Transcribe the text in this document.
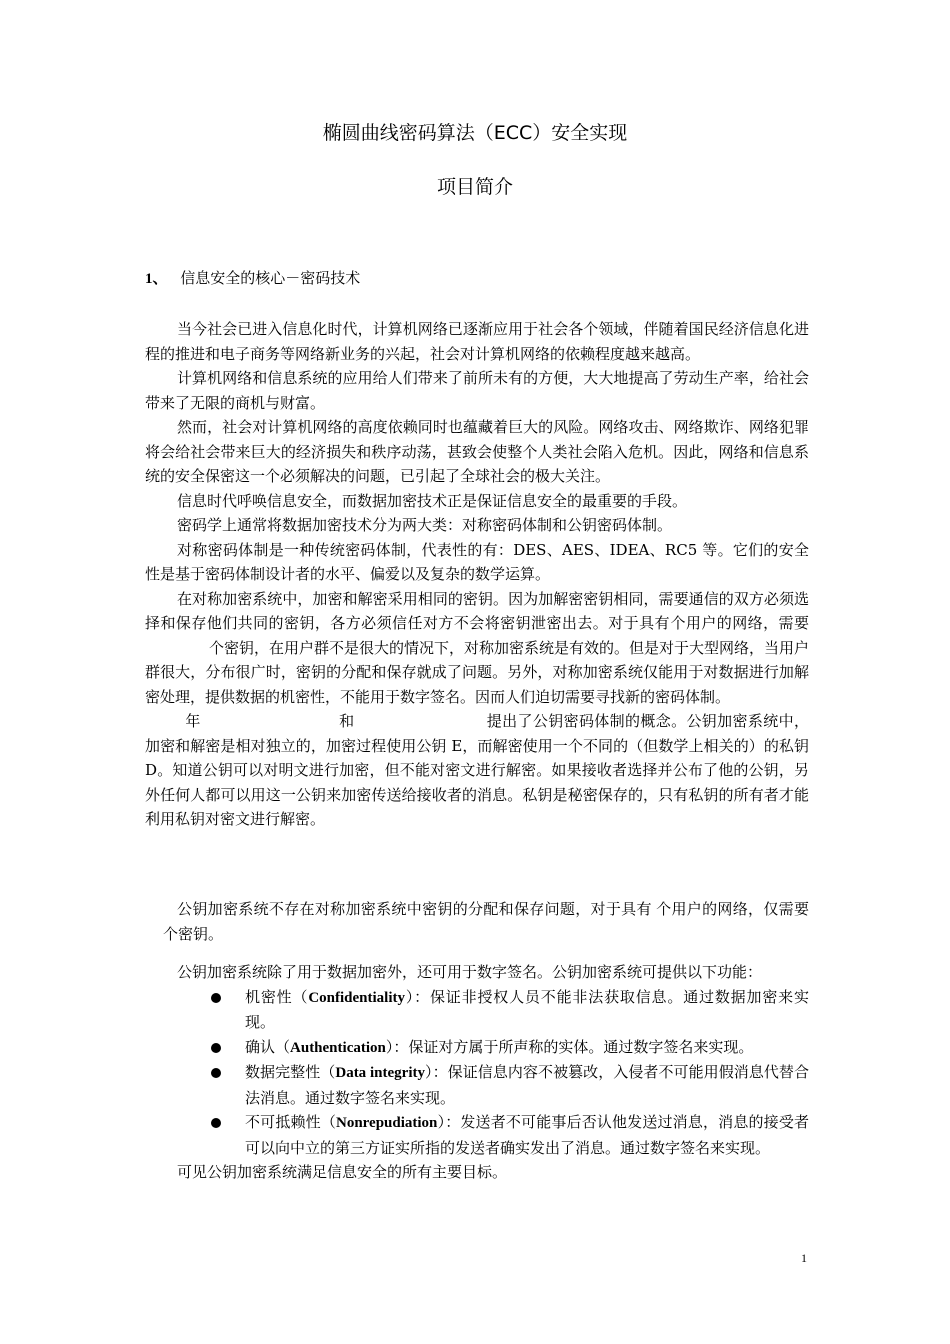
椭圆曲线密码算法（ECC）安全实现
项目简介
1、 信息安全的核心－密码技术

当今社会已进入信息化时代，计算机网络已逐渐应用于社会各个领域，伴随着国民经济信息化进程的推进和电子商务等网络新业务的兴起，社会对计算机网络的依赖程度越来越高。

计算机网络和信息系统的应用给人们带来了前所未有的方便，大大地提高了劳动生产率，给社会带来了无限的商机与财富。

然而，社会对计算机网络的高度依赖同时也蕴藏着巨大的风险。网络攻击、网络欺诈、网络犯罪将会给社会带来巨大的经济损失和秩序动荡，甚致会使整个人类社会陷入危机。因此，网络和信息系统的安全保密这一个必须解决的问题，已引起了全球社会的极大关注。

信息时代呼唤信息安全，而数据加密技术正是保证信息安全的最重要的手段。

密码学上通常将数据加密技术分为两大类：对称密码体制和公钥密码体制。

对称密码体制是一种传统密码体制，代表性的有：DES、AES、IDEA、RC5 等。它们的安全性是基于密码体制设计者的水平、偏爱以及复杂的数学运算。

在对称加密系统中，加密和解密采用相同的密钥。因为加解密密钥相同，需要通信的双方必须选择和保存他们共同的密钥，各方必须信任对方不会将密钥泄密出去。对于具有个用户的网络，需要个密钥，在用户群不是很大的情况下，对称加密系统是有效的。但是对于大型网络，当用户群很大，分布很广时，密钥的分配和保存就成了问题。另外，对称加密系统仅能用于对数据进行加解密处理，提供数据的机密性，不能用于数字签名。因而人们迫切需要寻找新的密码体制。

年	和	提出了公钥密码体制的概念。公钥加密系统中，加密和解密是相对独立的，加密过程使用公钥 E，而解密使用一个不同的（但数学上相关的）的私钥 D。知道公钥可以对明文进行加密，但不能对密文进行解密。如果接收者选择并公布了他的公钥，另外任何人都可以用这一公钥来加密传送给接收者的消息。私钥是秘密保存的，只有私钥的所有者才能利用私钥对密文进行解密。

公钥加密系统不存在对称加密系统中密钥的分配和保存问题，对于具有 个用户的网络，仅需要个密钥。

公钥加密系统除了用于数据加密外，还可用于数字签名。公钥加密系统可提供以下功能：

机密性（Confidentiality）：保证非授权人员不能非法获取信息。通过数据加密来实现。
确认（Authentication）：保证对方属于所声称的实体。通过数字签名来实现。
数据完整性（Data integrity）：保证信息内容不被篡改，入侵者不可能用假消息代替合法消息。通过数字签名来实现。
不可抵赖性（Nonrepudiation）：发送者不可能事后否认他发送过消息，消息的接受者可以向中立的第三方证实所指的发送者确实发出了消息。通过数字签名来实现。

可见公钥加密系统满足信息安全的所有主要目标。

1
